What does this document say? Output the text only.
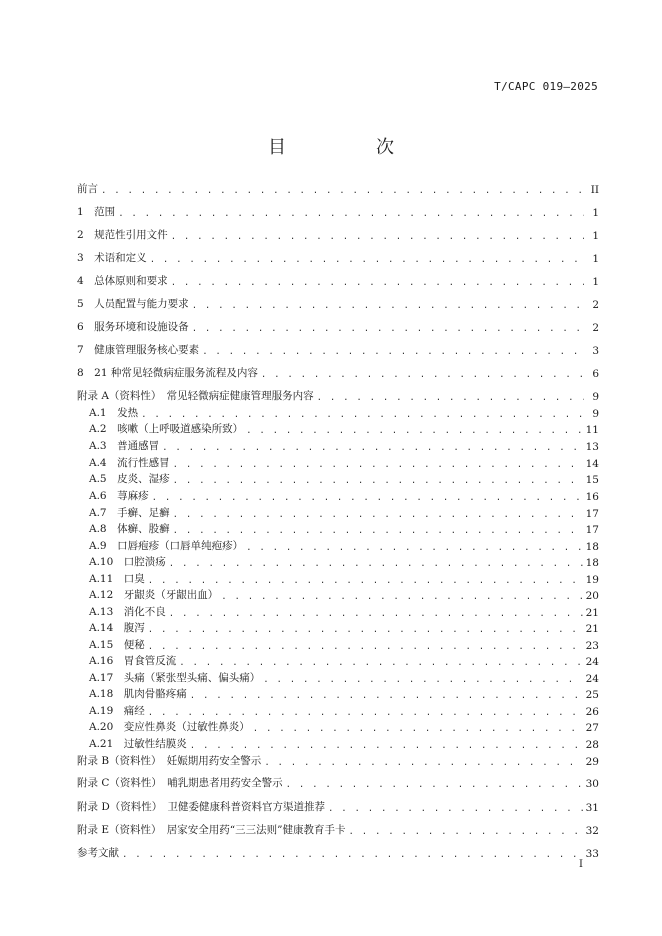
T/CAPC 019—2025
目　次
前言 . . .	II
1　范围 . . .	1
2　规范性引用文件 . . .	1
3　术语和定义 . . .	1
4　总体原则和要求 . . .	1
5　人员配置与能力要求 . . .	2
6　服务环境和设施设备 . . .	2
7　健康管理服务核心要素 . . .	3
8　21 种常见轻微病症服务流程及内容 . . .	6
附录 A（资料性）　常见轻微病症健康管理服务内容 . . .	9
A.1　发热 . . .	9
A.2　咳嗽（上呼吸道感染所致） . . .	11
A.3　普通感冒 . . .	13
A.4　流行性感冒 . . .	14
A.5　皮炎、湿疹 . . .	15
A.6　荨麻疹 . . .	16
A.7　手癣、足癣 . . .	17
A.8　体癣、股癣 . . .	17
A.9　口唇疱疹（口唇单纯疱疹） . . .	18
A.10　口腔溃疡 . . .	18
A.11　口臭 . . .	19
A.12　牙龈炎（牙龈出血） . . .	20
A.13　消化不良 . . .	21
A.14　腹泻 . . .	21
A.15　便秘 . . .	23
A.16　胃食管反流 . . .	24
A.17　头痛（紧张型头痛、偏头痛） . . .	24
A.18　肌肉骨骼疼痛 . . .	25
A.19　痛经 . . .	26
A.20　变应性鼻炎（过敏性鼻炎） . . .	27
A.21　过敏性结膜炎 . . .	28
附录 B（资料性）　妊娠期用药安全警示 . . .	29
附录 C（资料性）　哺乳期患者用药安全警示 . . .	30
附录 D（资料性）　卫健委健康科普资料官方渠道推荐 . . .	31
附录 E（资料性）　居家安全用药“三三法则”健康教育手卡 . . .	32
参考文献 . . .	33
I
